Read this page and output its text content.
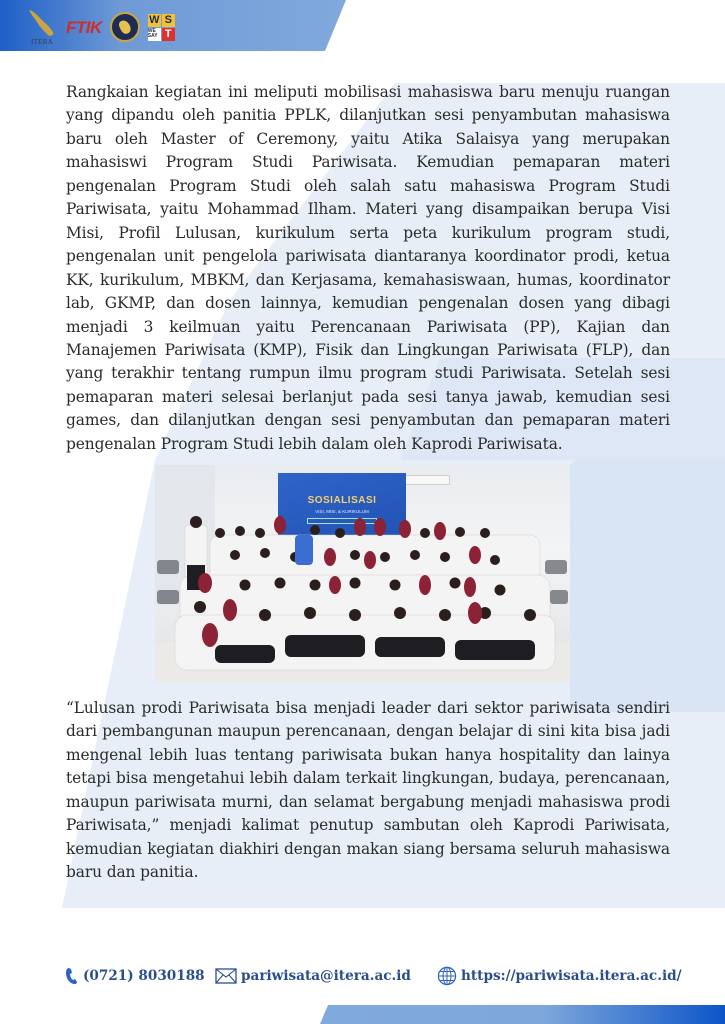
ITERA
FTIK	W S
WE SAY T

Rangkaian kegiatan ini meliputi mobilisasi mahasiswa baru menuju ruangan yang dipandu oleh panitia PPLK, dilanjutkan sesi penyambutan mahasiswa baru oleh Master of Ceremony, yaitu Atika Salaisya yang merupakan mahasiswi Program Studi Pariwisata. Kemudian pemaparan materi pengenalan Program Studi oleh salah satu mahasiswa Program Studi Pariwisata, yaitu Mohammad Ilham. Materi yang disampaikan berupa Visi Misi, Profil Lulusan, kurikulum serta peta kurikulum program studi, pengenalan unit pengelola pariwisata diantaranya koordinator prodi, ketua KK, kurikulum, MBKM, dan Kerjasama, kemahasiswaan, humas, koordinator lab, GKMP, dan dosen lainnya, kemudian pengenalan dosen yang dibagi menjadi 3 keilmuan yaitu Perencanaan Pariwisata (PP), Kajian dan Manajemen Pariwisata (KMP), Fisik dan Lingkungan Pariwisata (FLP), dan yang terakhir tentang rumpun ilmu program studi Pariwisata. Setelah sesi pemaparan materi selesai berlanjut pada sesi tanya jawab, kemudian sesi games, dan dilanjutkan dengan sesi penyambutan dan pemaparan materi pengenalan Program Studi lebih dalam oleh Kaprodi Pariwisata.

SOSIALISASI
VISI, MISI, & KURIKULUM

“Lulusan prodi Pariwisata bisa menjadi leader dari sektor pariwisata sendiri dari pembangunan maupun perencanaan, dengan belajar di sini kita bisa jadi mengenal lebih luas tentang pariwisata bukan hanya hospitality dan lainya tetapi bisa mengetahui lebih dalam terkait lingkungan, budaya, perencanaan, maupun pariwisata murni, dan selamat bergabung menjadi mahasiswa prodi Pariwisata,” menjadi kalimat penutup sambutan oleh Kaprodi Pariwisata, kemudian kegiatan diakhiri dengan makan siang bersama seluruh mahasiswa baru dan panitia.

(0721) 8030188	pariwisata@itera.ac.id	https://pariwisata.itera.ac.id/
